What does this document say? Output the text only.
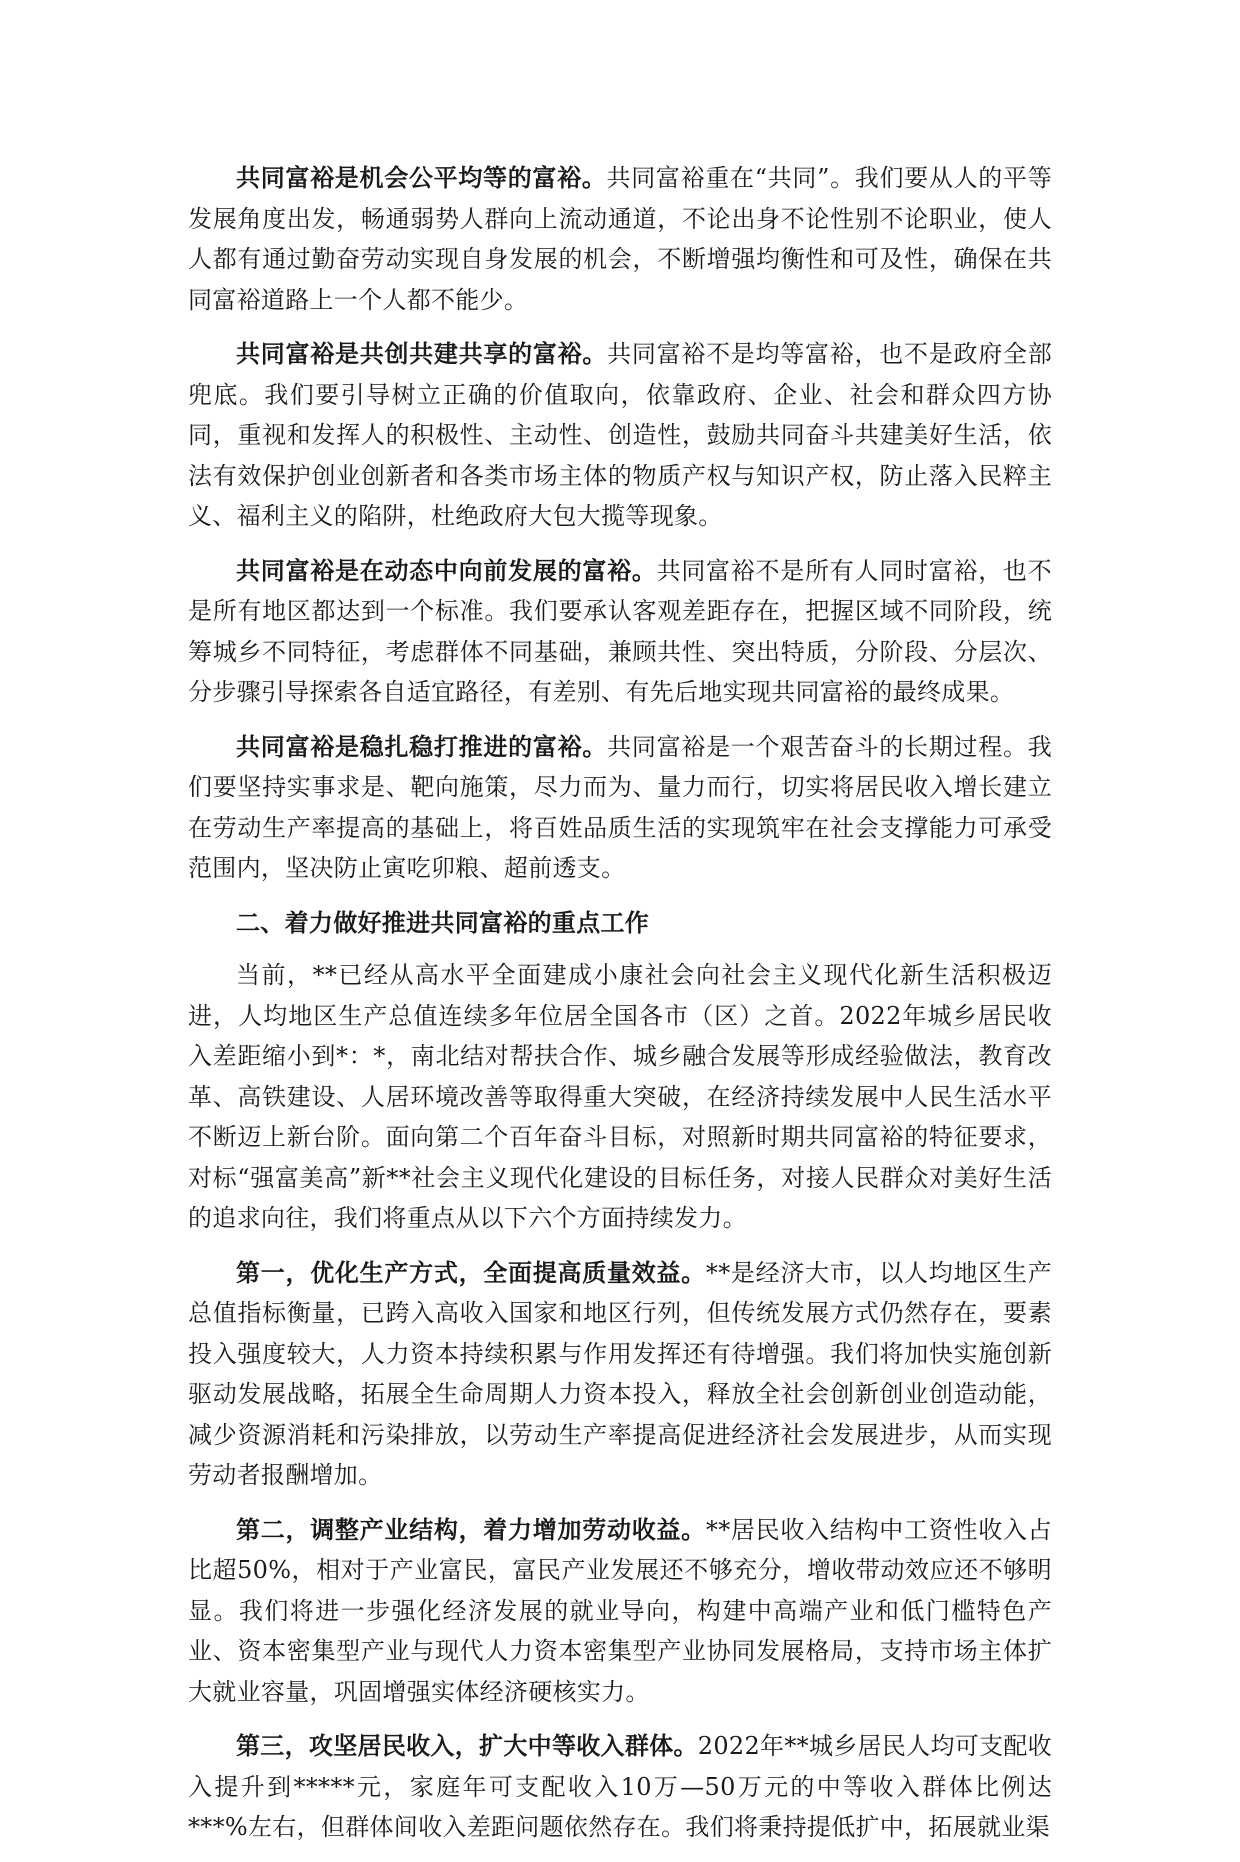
共同富裕是机会公平均等的富裕。共同富裕重在“共同”。我们要从人的平等发展角度出发，畅通弱势人群向上流动通道，不论出身不论性别不论职业，使人人都有通过勤奋劳动实现自身发展的机会，不断增强均衡性和可及性，确保在共同富裕道路上一个人都不能少。

共同富裕是共创共建共享的富裕。共同富裕不是均等富裕，也不是政府全部兜底。我们要引导树立正确的价值取向，依靠政府、企业、社会和群众四方协同，重视和发挥人的积极性、主动性、创造性，鼓励共同奋斗共建美好生活，依法有效保护创业创新者和各类市场主体的物质产权与知识产权，防止落入民粹主义、福利主义的陷阱，杜绝政府大包大揽等现象。

共同富裕是在动态中向前发展的富裕。共同富裕不是所有人同时富裕，也不是所有地区都达到一个标准。我们要承认客观差距存在，把握区域不同阶段，统筹城乡不同特征，考虑群体不同基础，兼顾共性、突出特质，分阶段、分层次、分步骤引导探索各自适宜路径，有差别、有先后地实现共同富裕的最终成果。

共同富裕是稳扎稳打推进的富裕。共同富裕是一个艰苦奋斗的长期过程。我们要坚持实事求是、靶向施策，尽力而为、量力而行，切实将居民收入增长建立在劳动生产率提高的基础上，将百姓品质生活的实现筑牢在社会支撑能力可承受范围内，坚决防止寅吃卯粮、超前透支。

二、着力做好推进共同富裕的重点工作

当前，**已经从高水平全面建成小康社会向社会主义现代化新生活积极迈进，人均地区生产总值连续多年位居全国各市（区）之首。2022年城乡居民收入差距缩小到*：*，南北结对帮扶合作、城乡融合发展等形成经验做法，教育改革、高铁建设、人居环境改善等取得重大突破，在经济持续发展中人民生活水平不断迈上新台阶。面向第二个百年奋斗目标，对照新时期共同富裕的特征要求，对标“强富美高”新**社会主义现代化建设的目标任务，对接人民群众对美好生活的追求向往，我们将重点从以下六个方面持续发力。

第一，优化生产方式，全面提高质量效益。**是经济大市，以人均地区生产总值指标衡量，已跨入高收入国家和地区行列，但传统发展方式仍然存在，要素投入强度较大，人力资本持续积累与作用发挥还有待增强。我们将加快实施创新驱动发展战略，拓展全生命周期人力资本投入，释放全社会创新创业创造动能，减少资源消耗和污染排放，以劳动生产率提高促进经济社会发展进步，从而实现劳动者报酬增加。

第二，调整产业结构，着力增加劳动收益。**居民收入结构中工资性收入占比超50%，相对于产业富民，富民产业发展还不够充分，增收带动效应还不够明显。我们将进一步强化经济发展的就业导向，构建中高端产业和低门槛特色产业、资本密集型产业与现代人力资本密集型产业协同发展格局，支持市场主体扩大就业容量，巩固增强实体经济硬核实力。

第三，攻坚居民收入，扩大中等收入群体。2022年**城乡居民人均可支配收入提升到*****元，家庭年可支配收入10万—50万元的中等收入群体比例达***%左右，但群体间收入差距问题依然存在。我们将秉持提低扩中，拓展就业渠
